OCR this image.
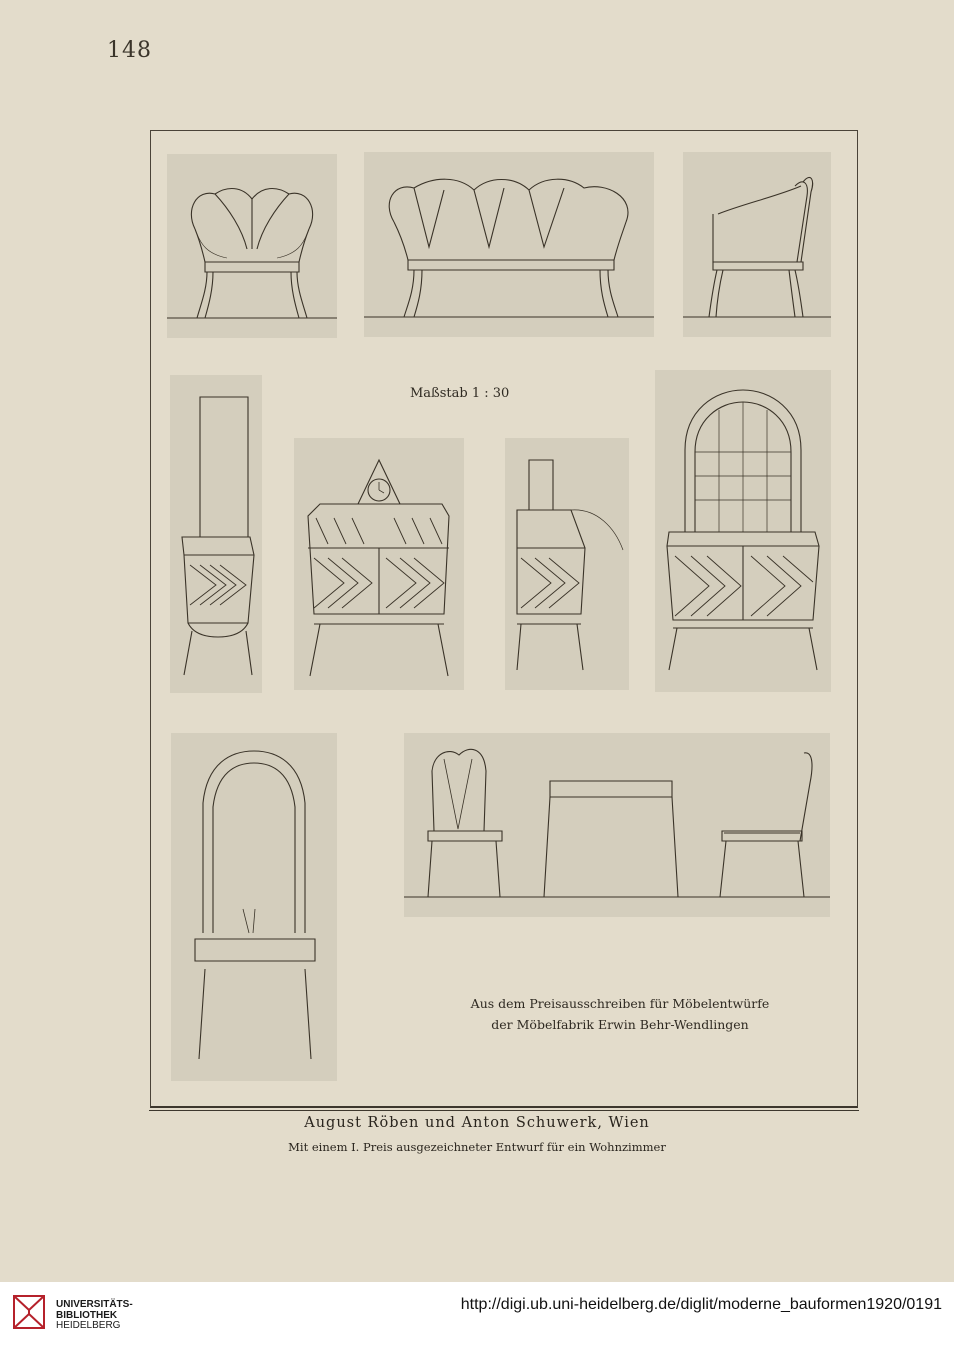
148
Maßstab 1 : 30
Aus dem Preisausschreiben für Möbelentwürfe
der Möbelfabrik Erwin Behr-Wendlingen
August Röben und Anton Schuwerk, Wien
Mit einem I. Preis ausgezeichneter Entwurf für ein Wohnzimmer
UNIVERSITÄTS-
BIBLIOTHEK
HEIDELBERG
http://digi.ub.uni-heidelberg.de/diglit/moderne_bauformen1920/0191
